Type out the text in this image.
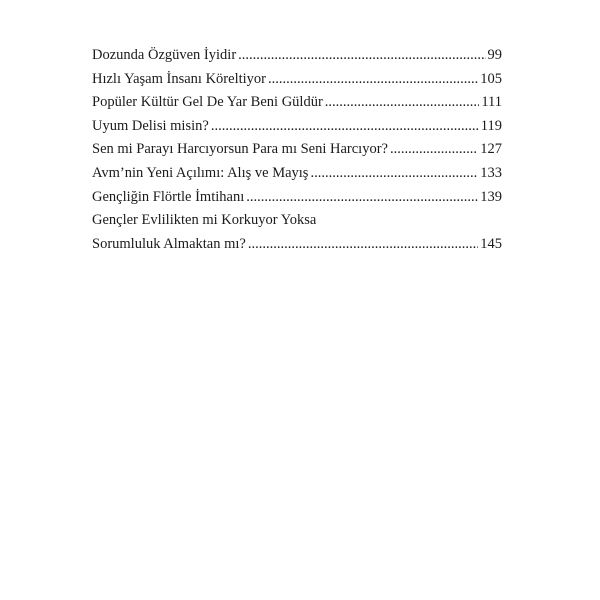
Dozunda Özgüven İyidir .....	99
Hızlı Yaşam İnsanı Köreltiyor .....	105
Popüler Kültür Gel De Yar Beni Güldür .....	111
Uyum Delisi misin? .....	119
Sen mi Parayı Harcıyorsun Para mı Seni Harcıyor? .....	127
Avm’nin Yeni Açılımı: Alış ve Mayış .....	133
Gençliğin Flörtle İmtihanı .....	139
Gençler Evlilikten mi Korkuyor Yoksa
Sorumluluk Almaktan mı? .....	145
